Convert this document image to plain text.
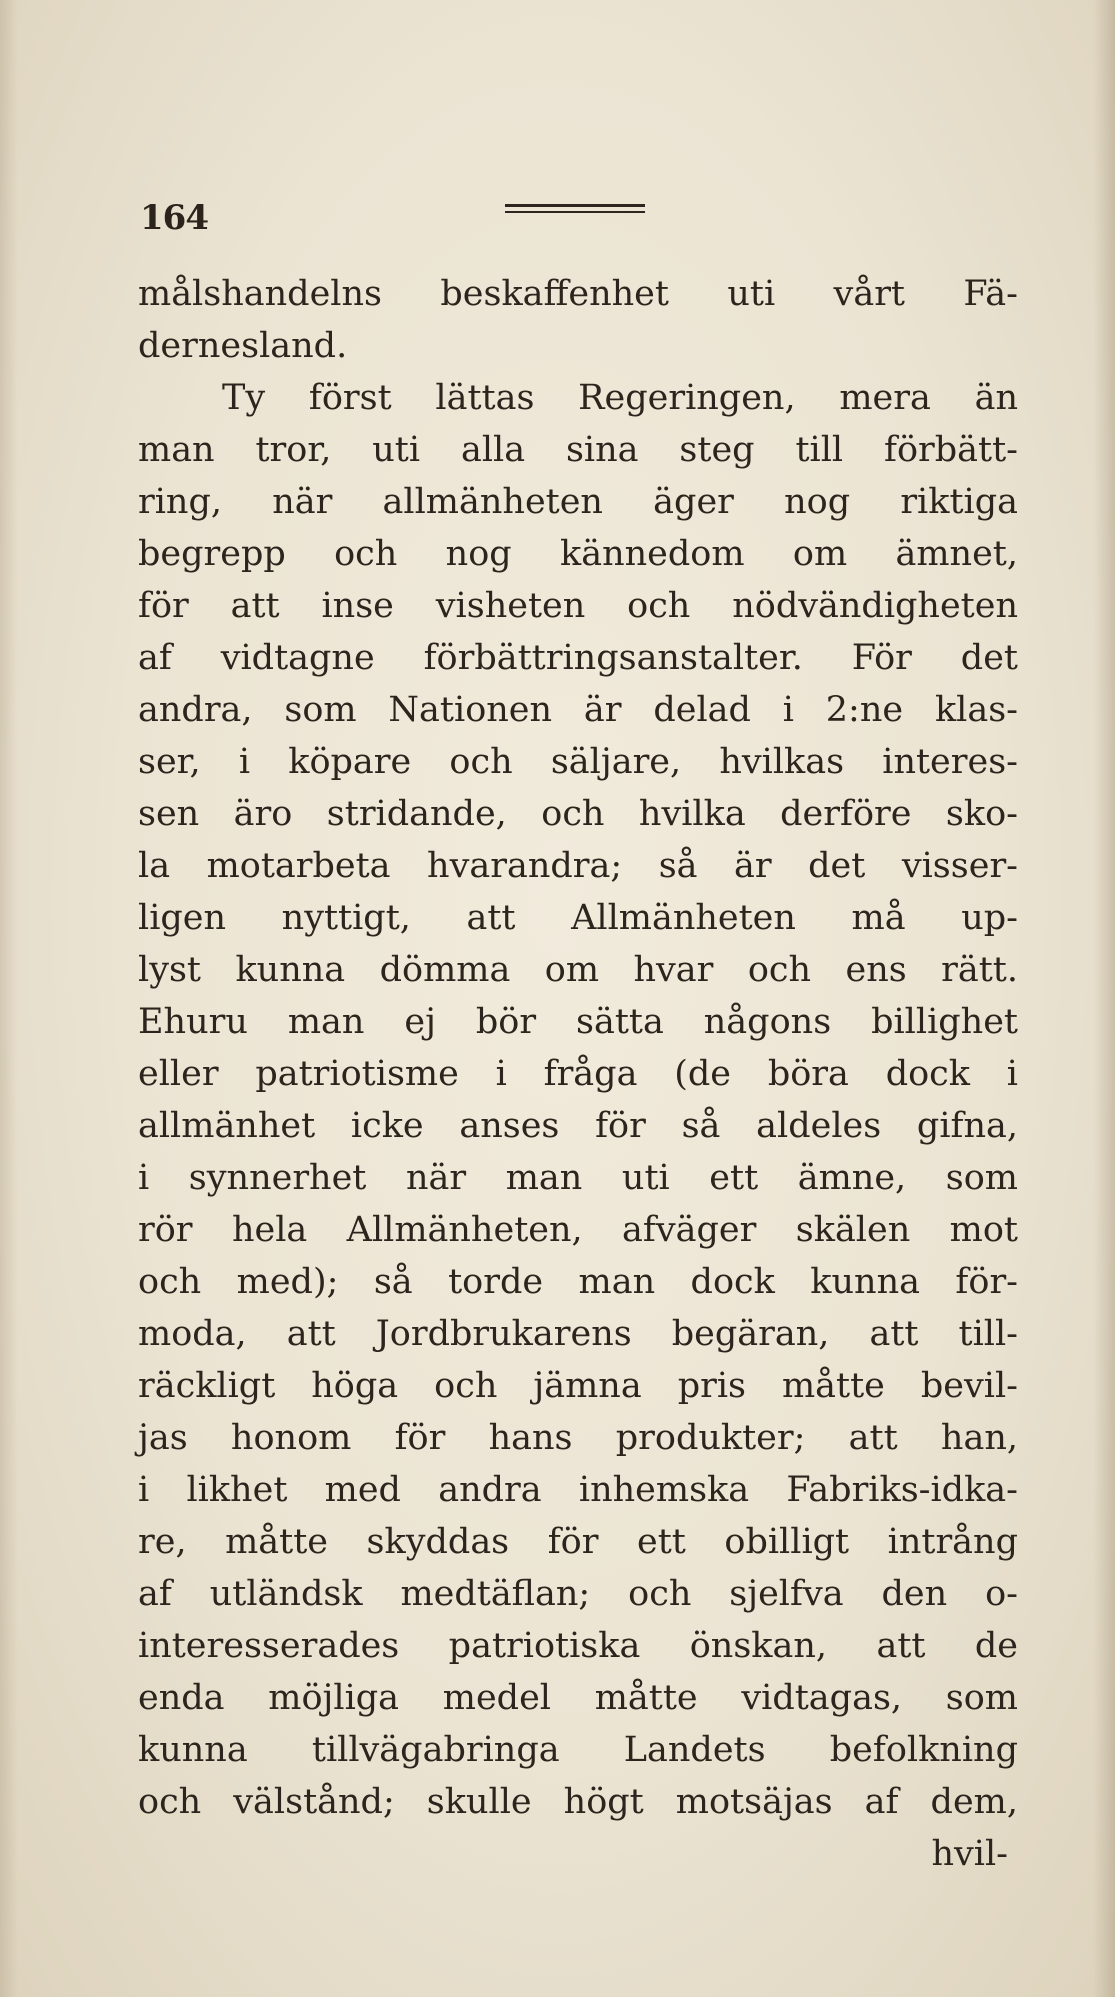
164
målshandelns beskaffenhet uti vårt Fä-
dernesland.
Ty först lättas Regeringen, mera än
man tror, uti alla sina steg till förbätt-
ring, när allmänheten äger nog riktiga
begrepp och nog kännedom om ämnet,
för att inse visheten och nödvändigheten
af vidtagne förbättringsanstalter. För det
andra, som Nationen är delad i 2:ne klas-
ser, i köpare och säljare, hvilkas interes-
sen äro stridande, och hvilka derföre sko-
la motarbeta hvarandra; så är det visser-
ligen nyttigt, att Allmänheten må up-
lyst kunna dömma om hvar och ens rätt.
Ehuru man ej bör sätta någons billighet
eller patriotisme i fråga (de böra dock i
allmänhet icke anses för så aldeles gifna,
i synnerhet när man uti ett ämne, som
rör hela Allmänheten, afväger skälen mot
och med); så torde man dock kunna för-
moda, att Jordbrukarens begäran, att till-
räckligt höga och jämna pris måtte bevil-
jas honom för hans produkter; att han,
i likhet med andra inhemska Fabriks-idka-
re, måtte skyddas för ett obilligt intrång
af utländsk medtäflan; och sjelfva den o-
interesserades patriotiska önskan, att de
enda möjliga medel måtte vidtagas, som
kunna tillvägabringa Landets befolkning
och välstånd; skulle högt motsäjas af dem,
hvil-
